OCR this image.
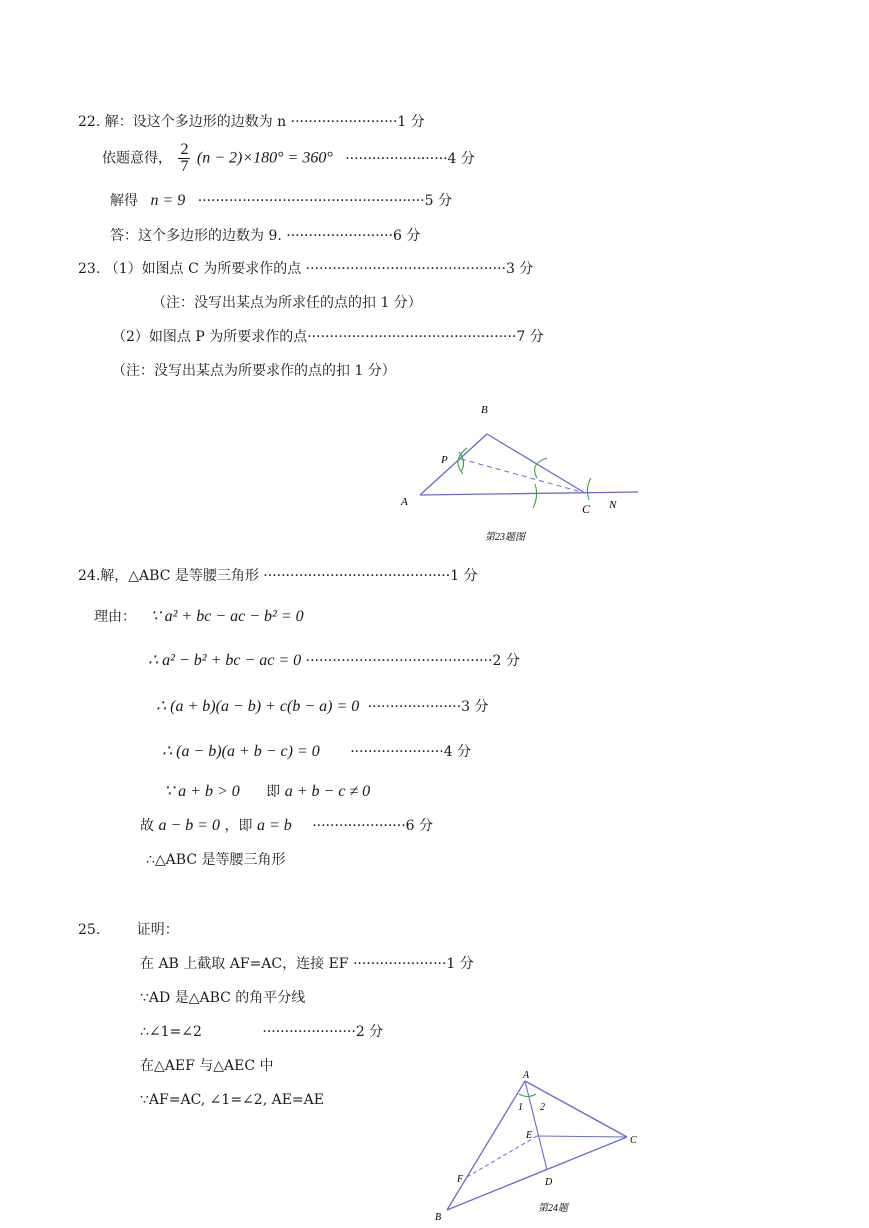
22. 解：设这个多边形的边数为 n ························1 分
依题意得， $\frac{2}{7} (n - 2)\times 180^\circ = 360^\circ \cdot\cdot\cdot\cdot\cdot\cdot\cdot\cdot\cdot\cdot\cdot\cdot\cdot\cdot\cdot\cdot\cdot\cdot\cdot\cdot\cdot\cdot\cdot 4$ 分
解得 n = 9 ···················································5 分
答：这个多边形的边数为 9. ························6 分
23. （1）如图点 C 为所要求作的点 ·············································3 分
（注：没写出某点为所求任的点的扣 1 分）
（2）如图点 P 为所要求作的点···············································7 分
（注：没写出某点为所要求作的点的扣 1 分）
B
P
A	C N
第23题图
24.解，△ABC 是等腰三角形 ··········································1 分
理由： ∵ a² + bc − ac − b² = 0
∴ a² − b² + bc − ac = 0 ··········································2 分
∴ (a + b)(a − b) + c(b − a) = 0 ·····················3 分
∴ (a − b)(a + b − c) = 0 ·····················4 分
∵ a + b > 0 即 a + b − c ≠ 0
故 a − b = 0 ，即 a = b ·····················6 分
∴△ABC 是等腰三角形
25.	证明：
在 AB 上截取 AF=AC，连接 EF ·····················1 分
∵AD 是△ABC 的角平分线
∴∠1=∠2	·····················2 分
在△AEF 与△AEC 中
∵AF=AC, ∠1=∠2, AE=AE
A
1 2
E	C
F	D
B
第24题
